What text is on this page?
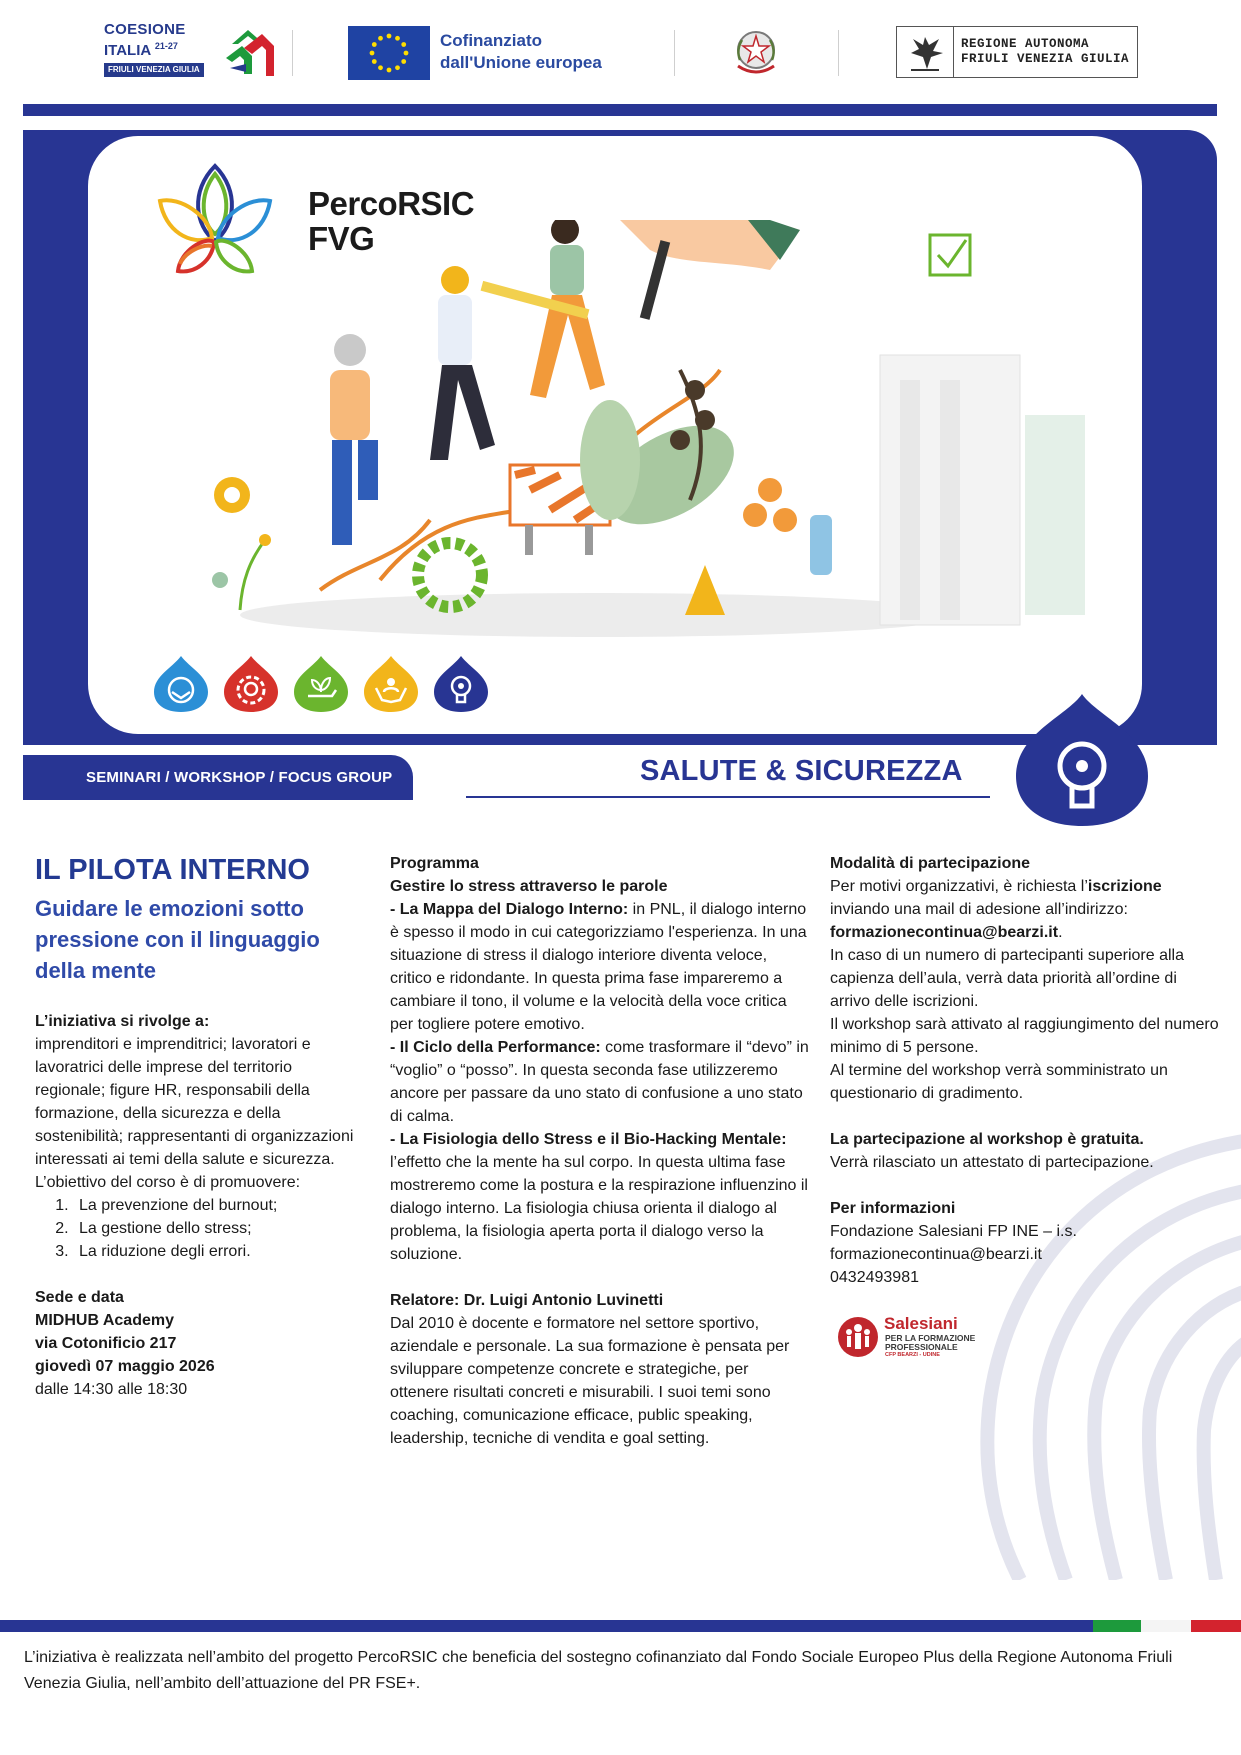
COESIONE
ITALIA $^{21-27}$
FRIULI VENEZIA GIULIA
Cofinanziato
dall'Unione europea
REGIONE AUTONOMA
FRIULI VENEZIA GIULIA
PercoRSIC
FVG
SEMINARI / WORKSHOP / FOCUS GROUP	SALUTE & SICUREZZA
IL PILOTA INTERNO
Guidare le emozioni sotto pressione con il linguaggio della mente
L’iniziativa si rivolge a:
imprenditori e imprenditrici; lavoratori e lavoratrici delle imprese del territorio regionale; figure HR, responsabili della formazione, della sicurezza e della sostenibilità; rappresentanti di organizzazioni interessati ai temi della salute e sicurezza.
L’obiettivo del corso è di promuovere:
1. La prevenzione del burnout;
2. La gestione dello stress;
3. La riduzione degli errori.
Sede e data
MIDHUB Academy
via Cotonificio 217
giovedì 07 maggio 2026
dalle 14:30 alle 18:30
Programma
Gestire lo stress attraverso le parole
- La Mappa del Dialogo Interno: in PNL, il dialogo interno è spesso il modo in cui categorizziamo l'esperienza. In una situazione di stress il dialogo interiore diventa veloce, critico e ridondante. In questa prima fase impareremo a cambiare il tono, il volume e la velocità della voce critica per togliere potere emotivo.
- Il Ciclo della Performance: come trasformare il “devo” in “voglio” o “posso”. In questa seconda fase utilizzeremo ancore per passare da uno stato di confusione a uno stato di calma.
- La Fisiologia dello Stress e il Bio-Hacking Mentale: l’effetto che la mente ha sul corpo. In questa ultima fase mostreremo come la postura e la respirazione influenzino il dialogo interno. La fisiologia chiusa orienta il dialogo al problema, la fisiologia aperta porta il dialogo verso la soluzione.
Relatore: Dr. Luigi Antonio Luvinetti
Dal 2010 è docente e formatore nel settore sportivo, aziendale e personale. La sua formazione è pensata per sviluppare competenze concrete e strategiche, per ottenere risultati concreti e misurabili. I suoi temi sono coaching, comunicazione efficace, public speaking, leadership, tecniche di vendita e goal setting.
Modalità di partecipazione
Per motivi organizzativi, è richiesta l’iscrizione inviando una mail di adesione all’indirizzo:
formazionecontinua@bearzi.it.
In caso di un numero di partecipanti superiore alla capienza dell’aula, verrà data priorità all’ordine di arrivo delle iscrizioni.
Il workshop sarà attivato al raggiungimento del numero minimo di 5 persone.
Al termine del workshop verrà somministrato un questionario di gradimento.
La partecipazione al workshop è gratuita.
Verrà rilasciato un attestato di partecipazione.
Per informazioni
Fondazione Salesiani FP INE – i.s.
formazionecontinua@bearzi.it
0432493981
Salesiani
PER LA FORMAZIONE
PROFESSIONALE
CFP BEARZI - UDINE
L’iniziativa è realizzata nell’ambito del progetto PercoRSIC che beneficia del sostegno cofinanziato dal Fondo Sociale Europeo Plus della Regione Autonoma Friuli Venezia Giulia, nell’ambito dell’attuazione del PR FSE+.
